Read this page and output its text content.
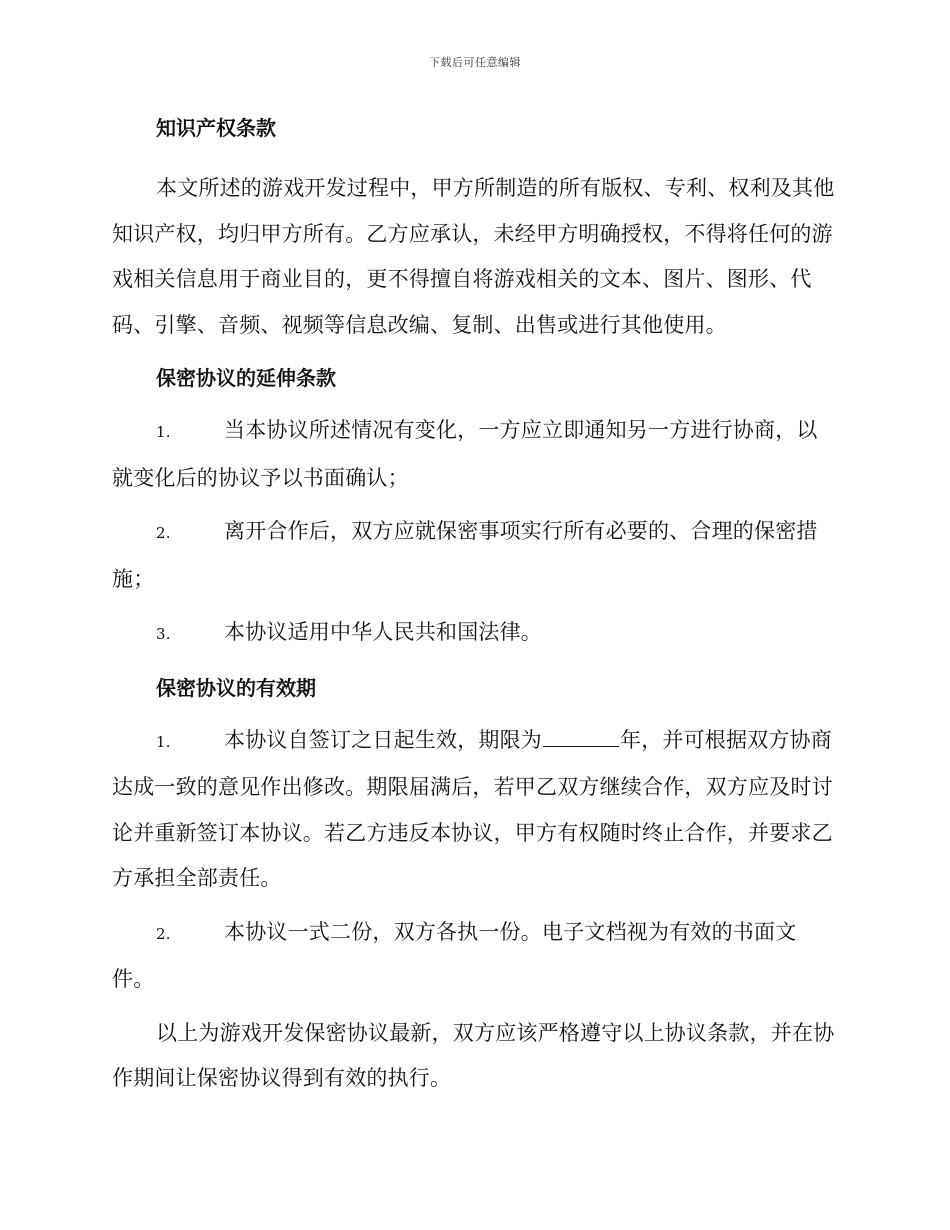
下载后可任意编辑
知识产权条款

本文所述的游戏开发过程中，甲方所制造的所有版权、专利、权利及其他知识产权，均归甲方所有。乙方应承认，未经甲方明确授权，不得将任何的游戏相关信息用于商业目的，更不得擅自将游戏相关的文本、图片、图形、代码、引擎、音频、视频等信息改编、复制、出售或进行其他使用。

保密协议的延伸条款

1.	当本协议所述情况有变化，一方应立即通知另一方进行协商，以就变化后的协议予以书面确认；

2.	离开合作后，双方应就保密事项实行所有必要的、合理的保密措施；

3.	本协议适用中华人民共和国法律。

保密协议的有效期

1.	本协议自签订之日起生效，期限为	年，并可根据双方协商达成一致的意见作出修改。期限届满后，若甲乙双方继续合作，双方应及时讨论并重新签订本协议。若乙方违反本协议，甲方有权随时终止合作，并要求乙方承担全部责任。

2.	本协议一式二份，双方各执一份。电子文档视为有效的书面文件。

以上为游戏开发保密协议最新，双方应该严格遵守以上协议条款，并在协作期间让保密协议得到有效的执行。
